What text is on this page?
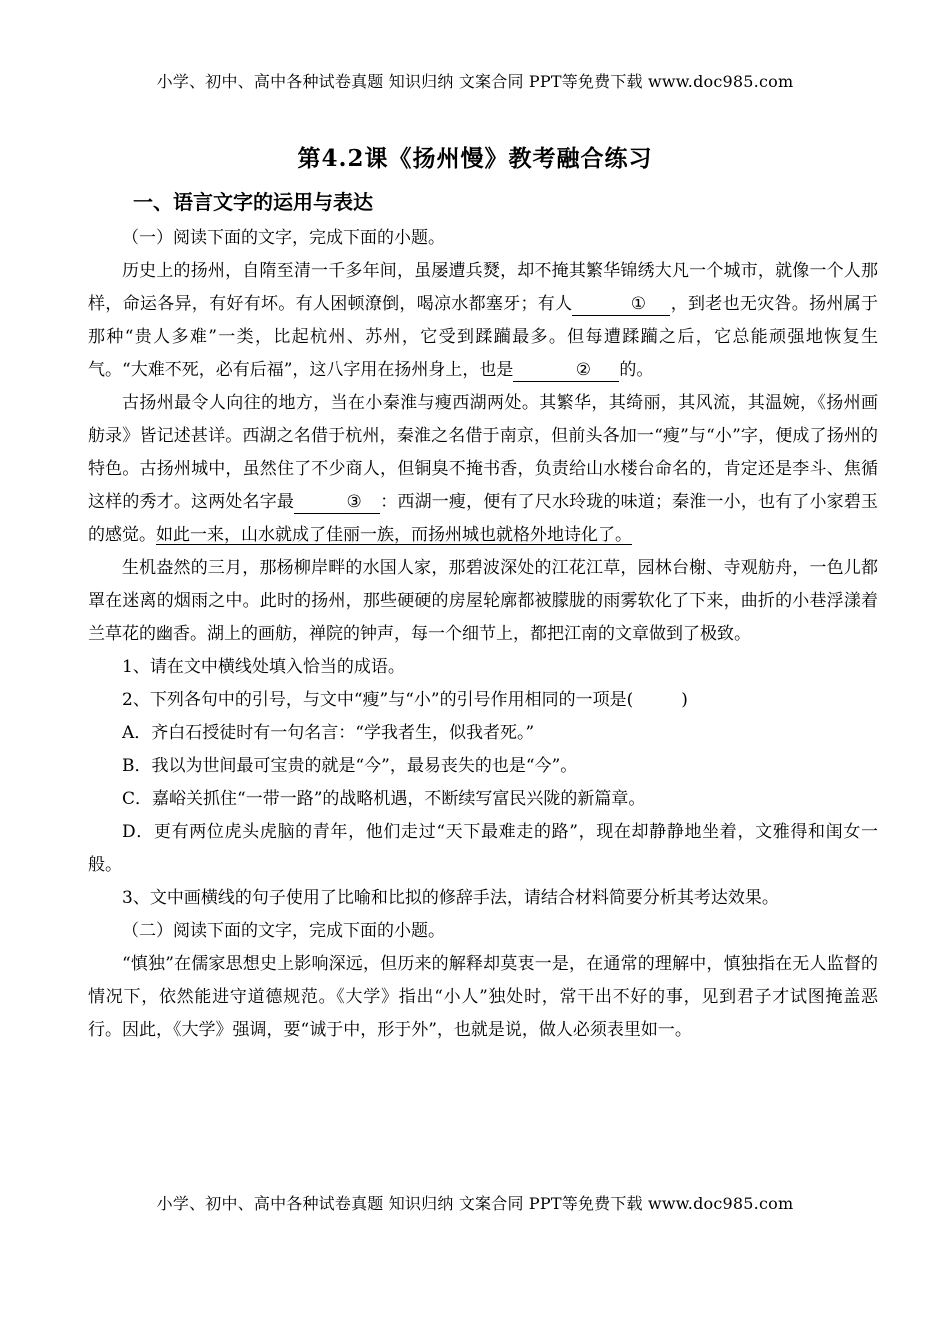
小学、初中、高中各种试卷真题 知识归纳 文案合同 PPT等免费下载 www.doc985.com
第4.2课《扬州慢》教考融合练习
一、语言文字的运用与表达

（一）阅读下面的文字，完成下面的小题。

历史上的扬州，自隋至清一千多年间，虽屡遭兵燹，却不掩其繁华锦绣大凡一个城市，就像一个人那样，命运各异，有好有坏。有人困顿潦倒，喝凉水都塞牙；有人	① ，到老也无灾咎。扬州属于那种“贵人多难”一类，比起杭州、苏州，它受到蹂躏最多。但每遭蹂躏之后，它总能顽强地恢复生气。“大难不死，必有后福”，这八字用在扬州身上，也是	② 的。

古扬州最令人向往的地方，当在小秦淮与瘦西湖两处。其繁华，其绮丽，其风流，其温婉，《扬州画舫录》皆记述甚详。西湖之名借于杭州，秦淮之名借于南京，但前头各加一“瘦”与“小”字，便成了扬州的特色。古扬州城中，虽然住了不少商人，但铜臭不掩书香，负责给山水楼台命名的，肯定还是李斗、焦循这样的秀才。这两处名字最	③ ：西湖一瘦，便有了尺水玲珑的味道；秦淮一小，也有了小家碧玉的感觉。如此一来，山水就成了佳丽一族，而扬州城也就格外地诗化了。

生机盎然的三月，那杨柳岸畔的水国人家，那碧波深处的江花江草，园林台榭、寺观舫舟，一色儿都罩在迷离的烟雨之中。此时的扬州，那些硬硬的房屋轮廓都被朦胧的雨雾软化了下来，曲折的小巷浮漾着兰草花的幽香。湖上的画舫，禅院的钟声，每一个细节上，都把江南的文章做到了极致。

1、请在文中横线处填入恰当的成语。

2、下列各句中的引号，与文中“瘦”与“小”的引号作用相同的一项是(	)

A．齐白石授徒时有一句名言：“学我者生，似我者死。”

B．我以为世间最可宝贵的就是“今”，最易丧失的也是“今”。

C．嘉峪关抓住“一带一路”的战略机遇，不断续写富民兴陇的新篇章。

D．更有两位虎头虎脑的青年，他们走过“天下最难走的路”，现在却静静地坐着，文雅得和闺女一般。

3、文中画横线的句子使用了比喻和比拟的修辞手法，请结合材料简要分析其考达效果。

（二）阅读下面的文字，完成下面的小题。

“慎独”在儒家思想史上影响深远，但历来的解释却莫衷一是，在通常的理解中，慎独指在无人监督的情况下，依然能进守道德规范。《大学》指出“小人”独处时，常干出不好的事，见到君子才试图掩盖恶行。因此，《大学》强调，要“诚于中，形于外”，也就是说，做人必须表里如一。

小学、初中、高中各种试卷真题 知识归纳 文案合同 PPT等免费下载 www.doc985.com
